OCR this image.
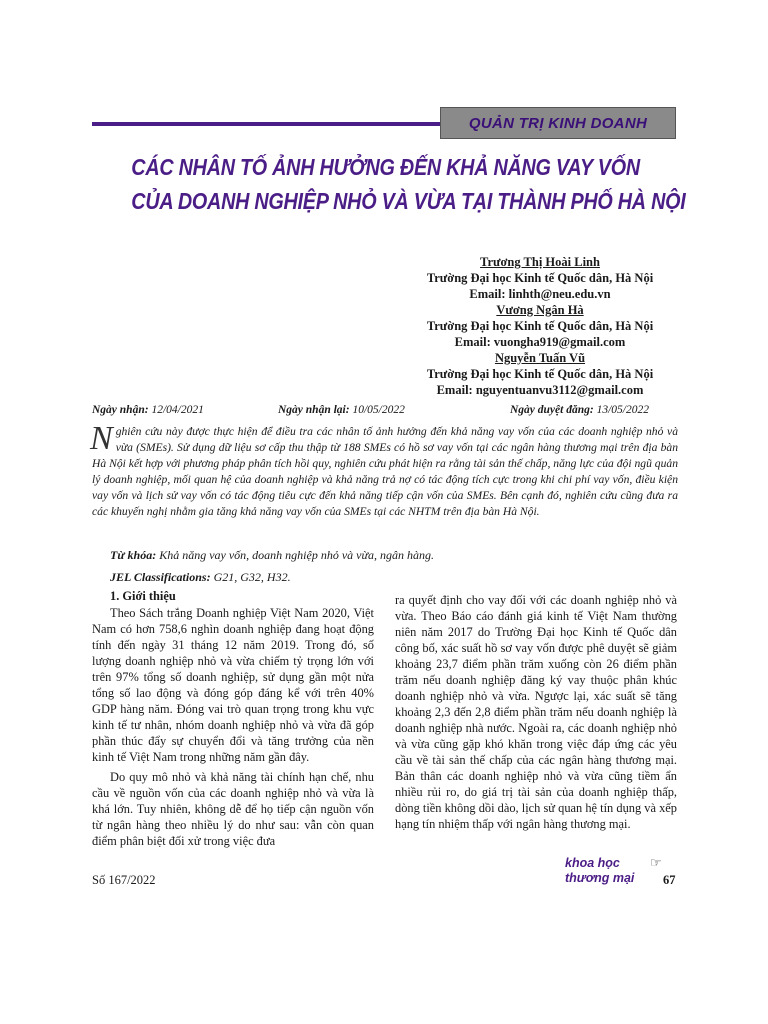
QUẢN TRỊ KINH DOANH
CÁC NHÂN TỐ ẢNH HƯỞNG ĐẾN KHẢ NĂNG VAY VỐN
CỦA DOANH NGHIỆP NHỎ VÀ VỪA TẠI THÀNH PHỐ HÀ NỘI
Trương Thị Hoài Linh
Trường Đại học Kinh tế Quốc dân, Hà Nội
Email: linhth@neu.edu.vn
Vương Ngân Hà
Trường Đại học Kinh tế Quốc dân, Hà Nội
Email: vuongha919@gmail.com
Nguyễn Tuấn Vũ
Trường Đại học Kinh tế Quốc dân, Hà Nội
Email: nguyentuanvu3112@gmail.com
Ngày nhận: 12/04/2021	Ngày nhận lại: 10/05/2022	Ngày duyệt đăng: 13/05/2022
Nghiên cứu này được thực hiện để điều tra các nhân tố ảnh hưởng đến khả năng vay vốn của các doanh nghiệp nhỏ và vừa (SMEs). Sử dụng dữ liệu sơ cấp thu thập từ 188 SMEs có hồ sơ vay vốn tại các ngân hàng thương mại trên địa bàn Hà Nội kết hợp với phương pháp phân tích hồi quy, nghiên cứu phát hiện ra rằng tài sản thế chấp, năng lực của đội ngũ quản lý doanh nghiệp, mối quan hệ của doanh nghiệp và khả năng trả nợ có tác động tích cực trong khi chi phí vay vốn, điều kiện vay vốn và lịch sử vay vốn có tác động tiêu cực đến khả năng tiếp cận vốn của SMEs. Bên cạnh đó, nghiên cứu cũng đưa ra các khuyến nghị nhằm gia tăng khả năng vay vốn của SMEs tại các NHTM trên địa bàn Hà Nội.
Từ khóa: Khả năng vay vốn, doanh nghiệp nhỏ và vừa, ngân hàng.
JEL Classifications: G21, G32, H32.
1. Giới thiệu

Theo Sách trắng Doanh nghiệp Việt Nam 2020, Việt Nam có hơn 758,6 nghìn doanh nghiệp đang hoạt động tính đến ngày 31 tháng 12 năm 2019. Trong đó, số lượng doanh nghiệp nhỏ và vừa chiếm tỷ trọng lớn với trên 97% tổng số doanh nghiệp, sử dụng gần một nửa tổng số lao động và đóng góp đáng kể với trên 40% GDP hàng năm. Đóng vai trò quan trọng trong khu vực kinh tế tư nhân, nhóm doanh nghiệp nhỏ và vừa đã góp phần thúc đẩy sự chuyển đổi và tăng trưởng của nền kinh tế Việt Nam trong những năm gần đây.

Do quy mô nhỏ và khả năng tài chính hạn chế, nhu cầu về nguồn vốn của các doanh nghiệp nhỏ và vừa là khá lớn. Tuy nhiên, không dễ để họ tiếp cận nguồn vốn từ ngân hàng theo nhiều lý do như sau: vẫn còn quan điểm phân biệt đối xử trong việc đưa

ra quyết định cho vay đối với các doanh nghiệp nhỏ và vừa. Theo Báo cáo đánh giá kinh tế Việt Nam thường niên năm 2017 do Trường Đại học Kinh tế Quốc dân công bố, xác suất hồ sơ vay vốn được phê duyệt sẽ giảm khoảng 23,7 điểm phần trăm xuống còn 26 điểm phần trăm nếu doanh nghiệp đăng ký vay thuộc phân khúc doanh nghiệp nhỏ và vừa. Ngược lại, xác suất sẽ tăng khoảng 2,3 đến 2,8 điểm phần trăm nếu doanh nghiệp là doanh nghiệp nhà nước. Ngoài ra, các doanh nghiệp nhỏ và vừa cũng gặp khó khăn trong việc đáp ứng các yêu cầu về tài sản thế chấp của các ngân hàng thương mại. Bản thân các doanh nghiệp nhỏ và vừa cũng tiềm ẩn nhiều rủi ro, do giá trị tài sản của doanh nghiệp thấp, dòng tiền không dồi dào, lịch sử quan hệ tín dụng và xếp hạng tín nhiệm thấp với ngân hàng thương mại.

Số 167/2022
khoa học
thương mại
☞
67
